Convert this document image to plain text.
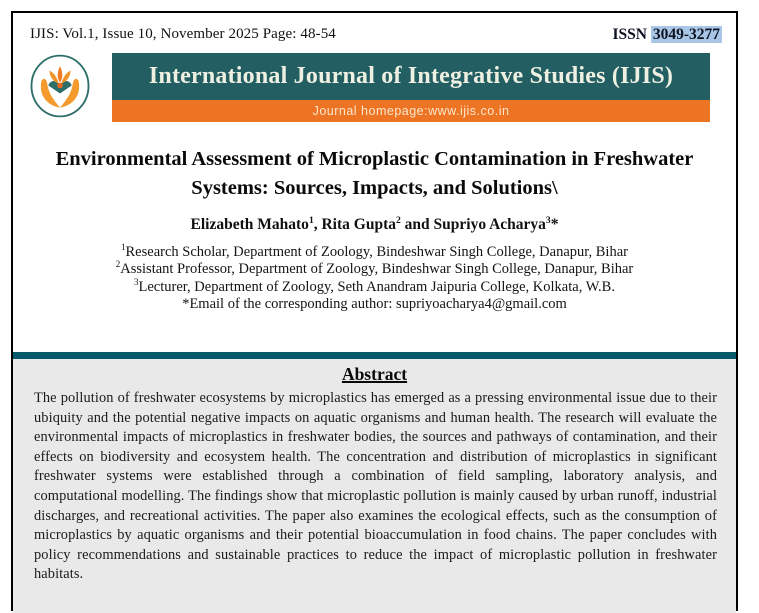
IJIS: Vol.1, Issue 10, November 2025 Page: 48-54	ISSN 3049-3277
International Journal of Integrative Studies (IJIS)
Journal homepage:www.ijis.co.in
Environmental Assessment of Microplastic Contamination in Freshwater Systems: Sources, Impacts, and Solutions\
Elizabeth Mahato$^1$, Rita Gupta$^2$ and Supriyo Acharya$^3$*
$^1$Research Scholar, Department of Zoology, Bindeshwar Singh College, Danapur, Bihar
$^2$Assistant Professor, Department of Zoology, Bindeshwar Singh College, Danapur, Bihar
$^3$Lecturer, Department of Zoology, Seth Anandram Jaipuria College, Kolkata, W.B.
*Email of the corresponding author: supriyoacharya4@gmail.com
Abstract

The pollution of freshwater ecosystems by microplastics has emerged as a pressing environmental issue due to their ubiquity and the potential negative impacts on aquatic organisms and human health. The research will evaluate the environmental impacts of microplastics in freshwater bodies, the sources and pathways of contamination, and their effects on biodiversity and ecosystem health. The concentration and distribution of microplastics in significant freshwater systems were established through a combination of field sampling, laboratory analysis, and computational modelling. The findings show that microplastic pollution is mainly caused by urban runoff, industrial discharges, and recreational activities. The paper also examines the ecological effects, such as the consumption of microplastics by aquatic organisms and their potential bioaccumulation in food chains. The paper concludes with policy recommendations and sustainable practices to reduce the impact of microplastic pollution in freshwater habitats.
